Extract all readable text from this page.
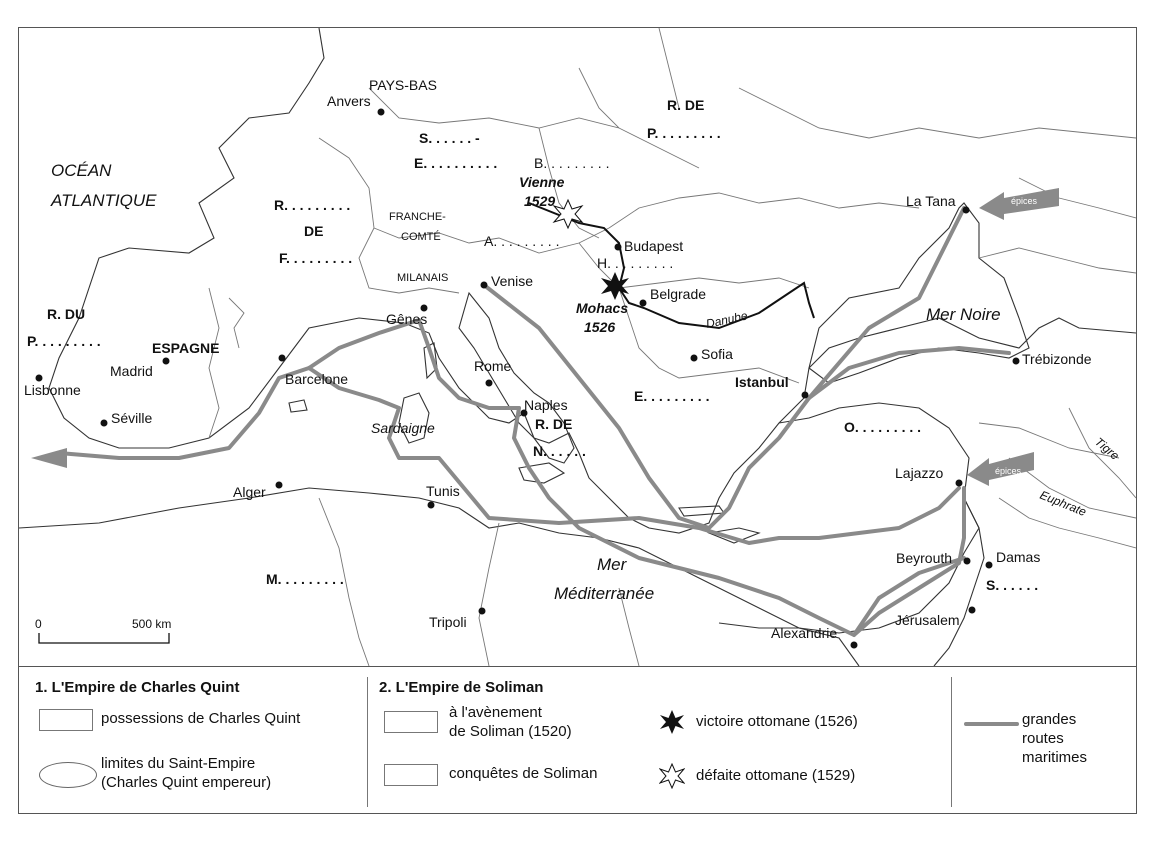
épices
épices
OCÉAN
ATLANTIQUE
Mer Noire
Mer
Méditerranée
Danube
Tigre
Euphrate
PAYS-BAS
R. DE
P. . . . . . . . .
S. . . . . . -
E. . . . . . . . . .	B. . . . . . . . .
R. . . . . . . . .
DE
F. . . . . . . . .
FRANCHE-
COMTÉ	A. . . . . . . . .
MILANAIS
H. . . . . . . . .
R. DU
P. . . . . . . . .	ESPAGNE
Sardaigne	R. DE
N. . . . . .
E. . . . . . . . .
O. . . . . . . . .
M. . . . . . . . .	S. . . . . .
Anvers
Budapest
Belgrade
Sofia
Istanbul
Venise
Gênes
Rome
Naples
Barcelone
Madrid
Lisbonne
Séville
Alger	Tunis
Tripoli
Alexandrie
Beyrouth	Damas
Jérusalem
Lajazzo
Trébizonde
La Tana
Vienne
1529
Mohacs
1526
0	500 km
1. L'Empire de Charles Quint
possessions de Charles Quint
limites du Saint-Empire
(Charles Quint empereur)
2. L'Empire de Soliman
à l'avènement
de Soliman (1520)
conquêtes de Soliman
victoire ottomane (1526)
défaite ottomane (1529)
grandes
routes
maritimes
